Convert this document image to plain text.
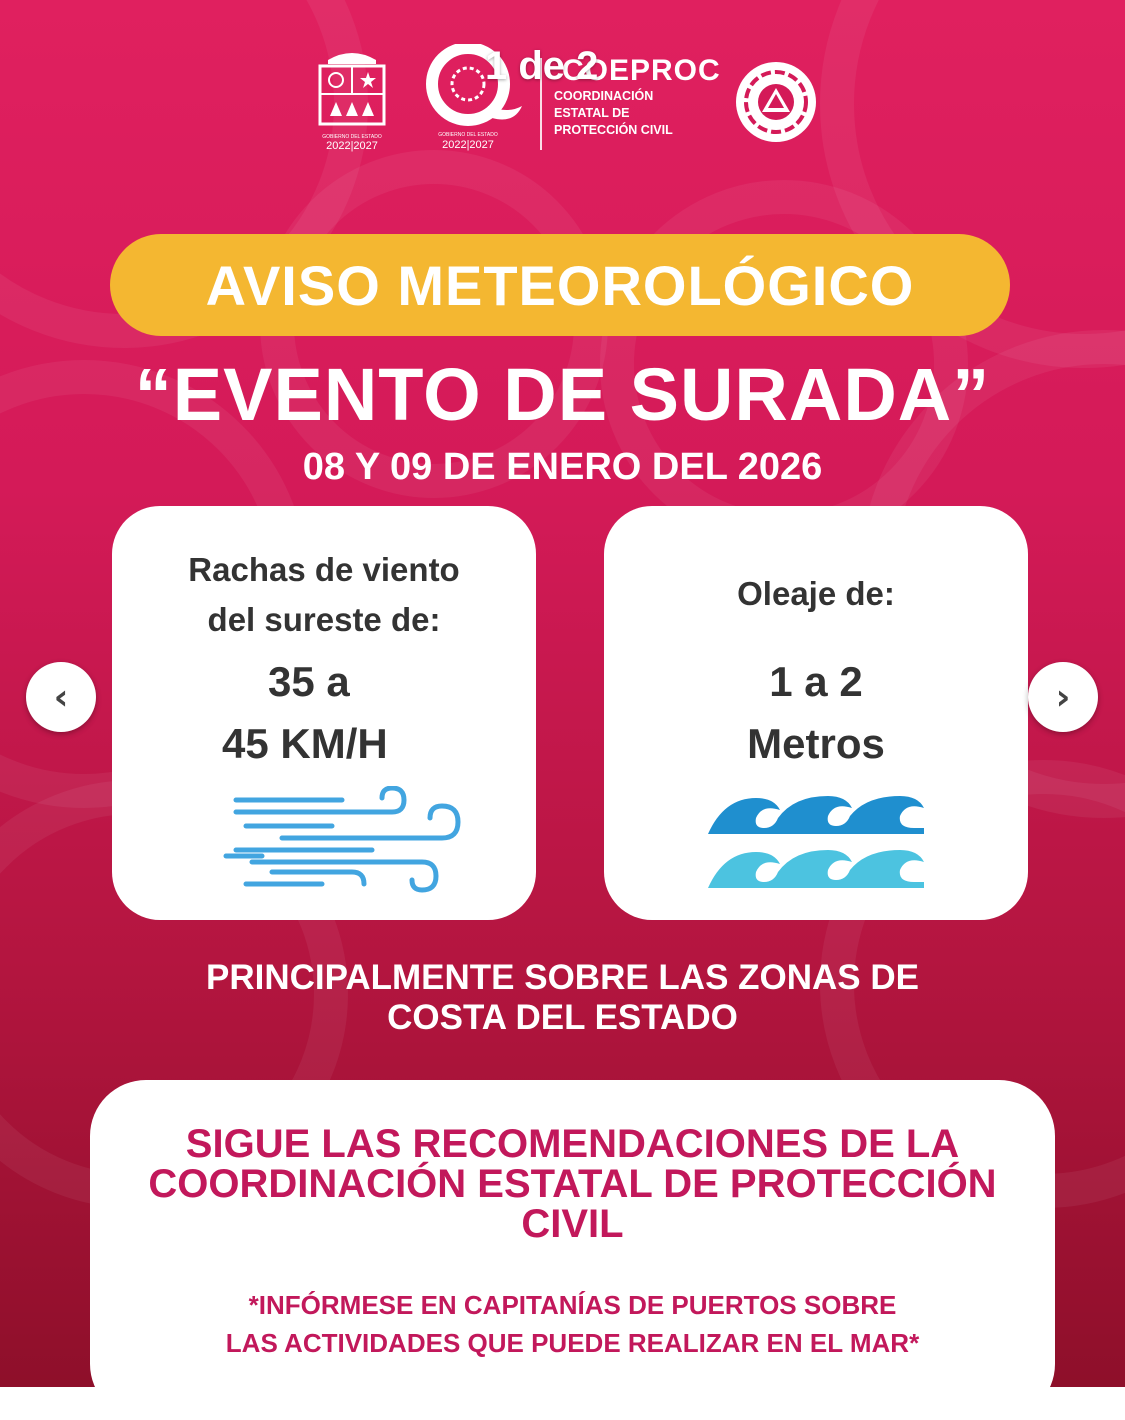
GOBIERNO DEL ESTADO
2022|2027
GOBIERNO DEL ESTADO
2022|2027
COEPROC
COORDINACIÓN
ESTATAL DE
PROTECCIÓN CIVIL
1 de 2
AVISO METEOROLÓGICO
“EVENTO DE SURADA”
08 Y 09 DE ENERO DEL 2026
Rachas de viento
del sureste de:
35 a
45 KM/H
Oleaje de:
1 a 2
Metros
‹	›
PRINCIPALMENTE SOBRE LAS ZONAS DE
COSTA DEL ESTADO
SIGUE LAS RECOMENDACIONES DE LA
COORDINACIÓN ESTATAL DE PROTECCIÓN
CIVIL
*INFÓRMESE EN CAPITANÍAS DE PUERTOS SOBRE
LAS ACTIVIDADES QUE PUEDE REALIZAR EN EL MAR*
